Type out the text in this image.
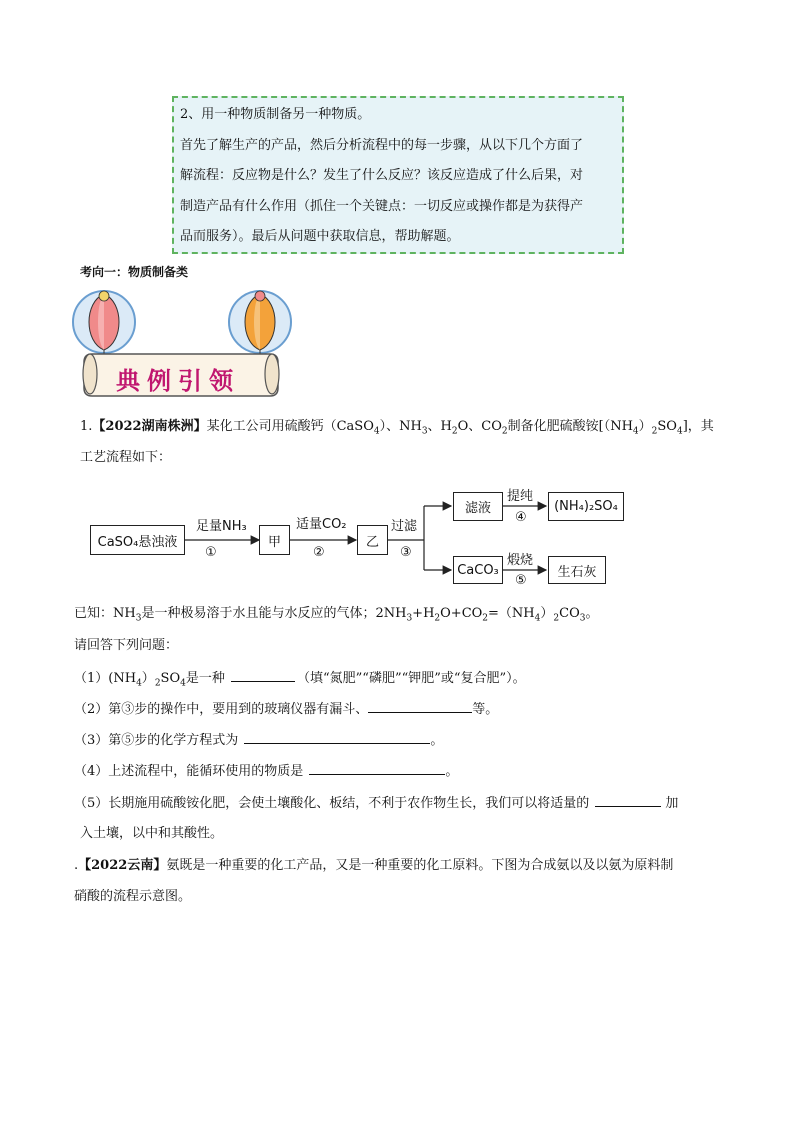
2、用一种物质制备另一种物质。
首先了解生产的产品，然后分析流程中的每一步骤，从以下几个方面了
解流程：反应物是什么？发生了什么反应？该反应造成了什么后果，对
制造产品有什么作用（抓住一个关键点：一切反应或操作都是为获得产
品而服务）。最后从问题中获取信息，帮助解题。
考向一：物质制备类
典例引领
1.【2022湖南株洲】某化工公司用硫酸钙（CaSO$_4$）、$NH_3$、$H_2O$、$CO_2$制备化肥硫酸铵$[(NH_4)_2SO_4]$，其
工艺流程如下：
CaSO₄悬浊液
足量NH₃
①
甲
适量CO₂
②
乙
过滤
③
滤液
提纯
④
(NH₄)₂SO₄
CaCO₃
煅烧
⑤
生石灰
已知：$NH_3$是一种极易溶于水且能与水反应的气体；$2NH_3+H_2O+CO_2=(NH_4)_2CO_3$。
请回答下列问题：
$(1)(NH_4)_2SO_4$是一种	（填“氮肥”“磷肥”“钾肥”或“复合肥”）。
（2）第③步的操作中，要用到的玻璃仪器有漏斗、	等。
（3）第⑤步的化学方程式为	。
（4）上述流程中，能循环使用的物质是	。
（5）长期施用硫酸铵化肥，会使土壤酸化、板结，不利于农作物生长，我们可以将适量的	加
入土壤，以中和其酸性。
.【2022云南】氨既是一种重要的化工产品，又是一种重要的化工原料。下图为合成氨以及以氨为原料制
硝酸的流程示意图。
